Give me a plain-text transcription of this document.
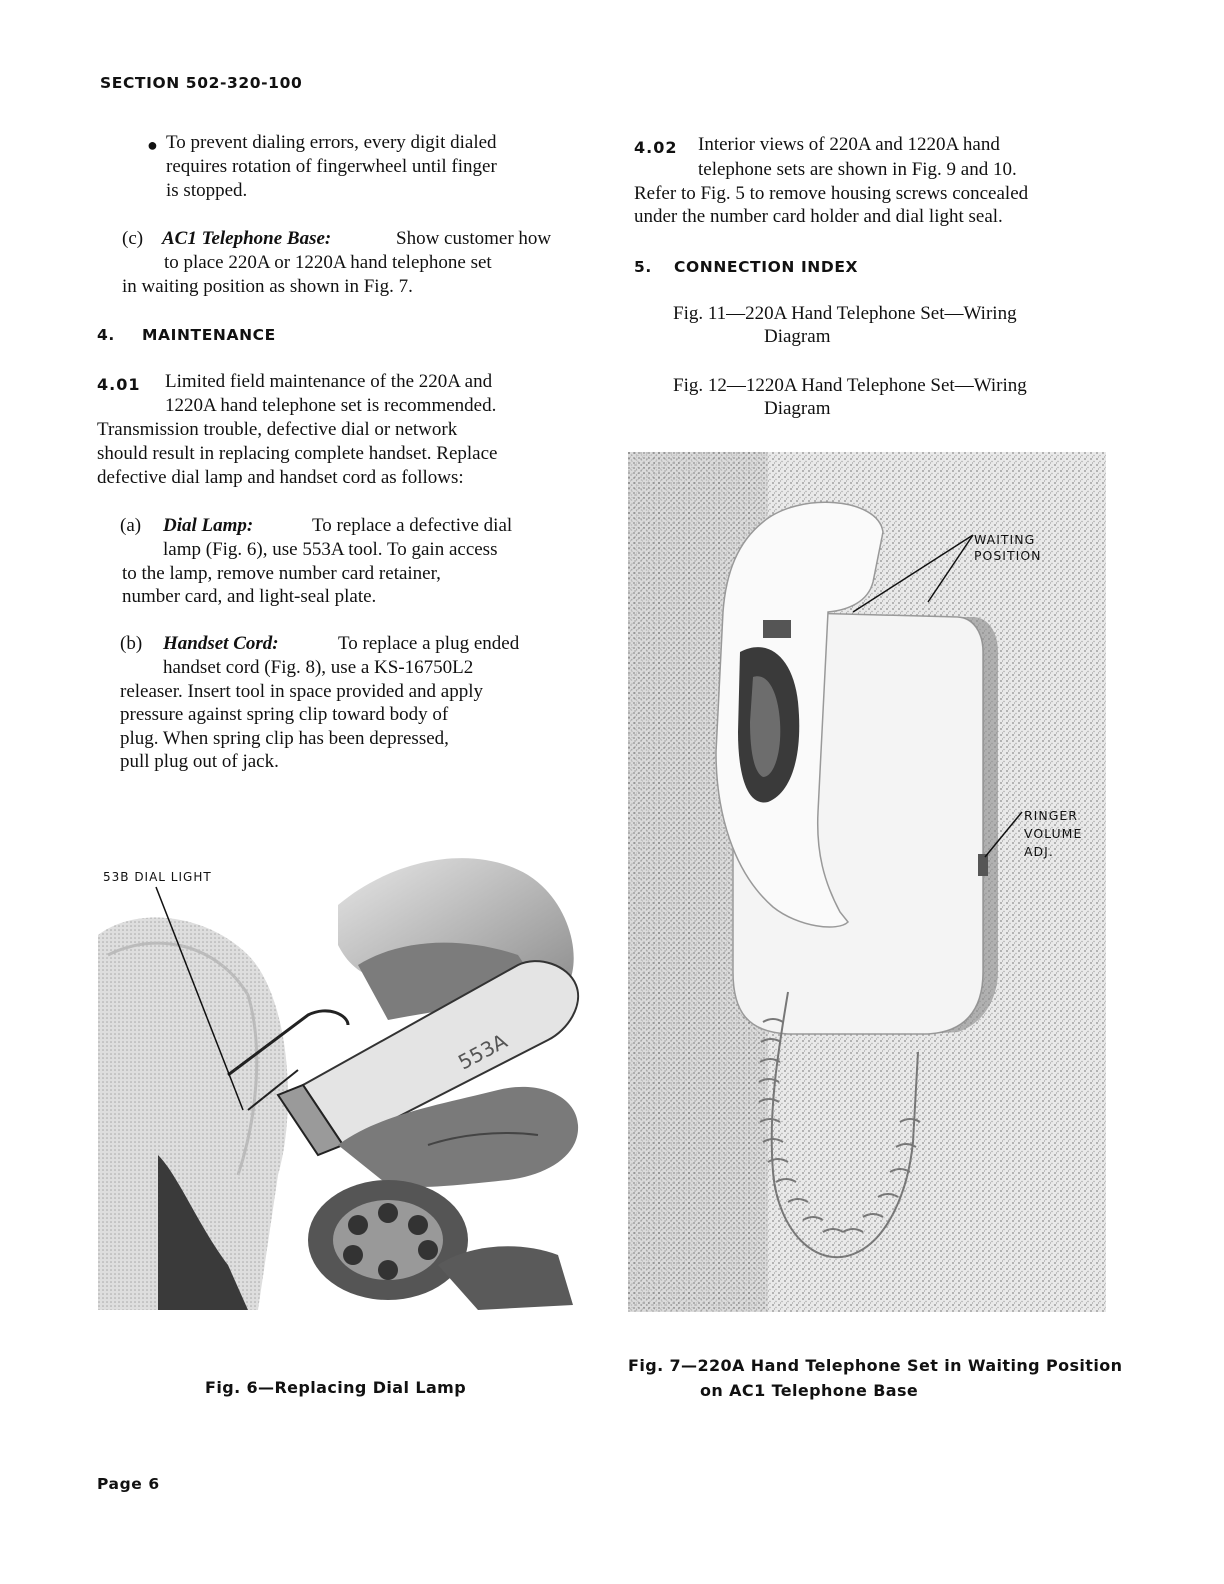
SECTION 502-320-100
● To prevent dialing errors, every digit dialed
requires rotation of fingerwheel until finger
is stopped.
(c) AC1 Telephone Base:	Show customer how
to place 220A or 1220A hand telephone set
in waiting position as shown in Fig. 7.
4. MAINTENANCE
4.01 Limited field maintenance of the 220A and
1220A hand telephone set is recommended.
Transmission trouble, defective dial or network
should result in replacing complete handset. Replace
defective dial lamp and handset cord as follows:
(a) Dial Lamp:	To replace a defective dial
lamp (Fig. 6), use 553A tool. To gain access
to the lamp, remove number card retainer,
number card, and light-seal plate.
(b) Handset Cord:	To replace a plug ended
handset cord (Fig. 8), use a KS-16750L2
releaser. Insert tool in space provided and apply
pressure against spring clip toward body of
plug. When spring clip has been depressed,
pull plug out of jack.
53B DIAL LIGHT
553A
Fig. 6—Replacing Dial Lamp
4.02 Interior views of 220A and 1220A hand
telephone sets are shown in Fig. 9 and 10.
Refer to Fig. 5 to remove housing screws concealed
under the number card holder and dial light seal.
5. CONNECTION INDEX
Fig. 11—220A Hand Telephone Set—Wiring
Diagram
Fig. 12—1220A Hand Telephone Set—Wiring
Diagram
WAITING
POSITION
RINGER
VOLUME
ADJ.
Fig. 7—220A Hand Telephone Set in Waiting Position
on AC1 Telephone Base
Page 6
